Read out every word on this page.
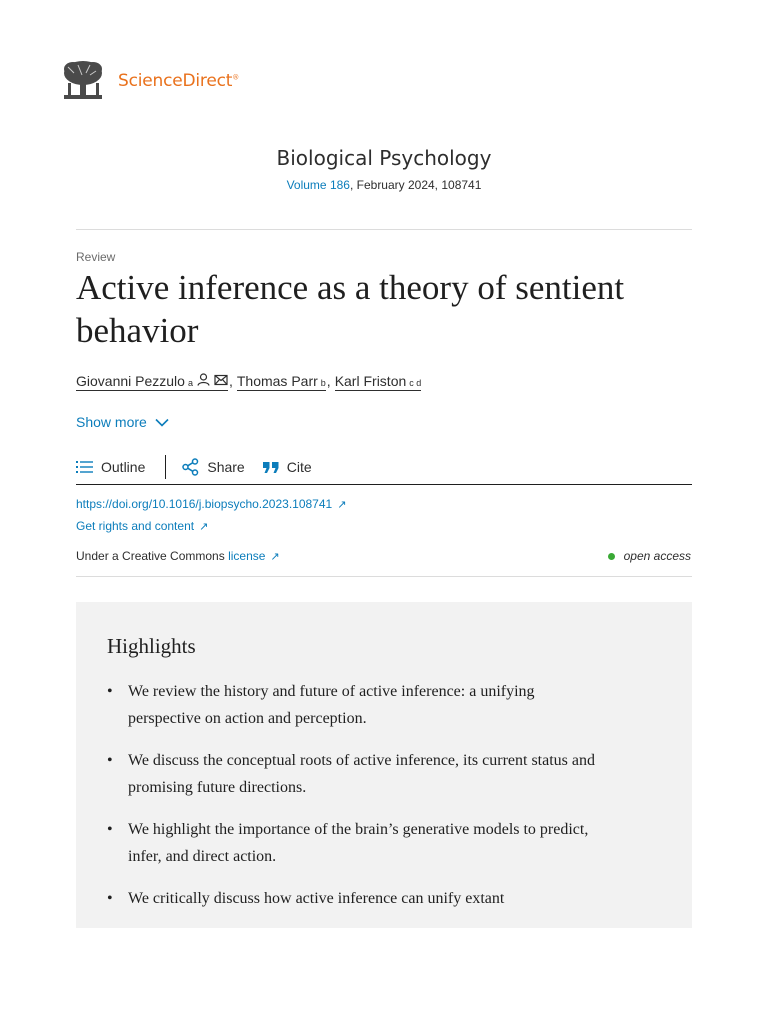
ScienceDirect®
Biological Psychology
Volume 186, February 2024, 108741
Review
Active inference as a theory of sentient behavior
Giovanni Pezzulo a	, Thomas Parr b , Karl Friston c d
Show more
Outline	Share	Cite
https://doi.org/10.1016/j.biopsycho.2023.108741 ↗
Get rights and content ↗
Under a Creative Commons license ↗	open access
Highlights
• We review the history and future of active inference: a unifying perspective on action and perception.
• We discuss the conceptual roots of active inference, its current status and promising future directions.
• We highlight the importance of the brain’s generative models to predict, infer, and direct action.
• We critically discuss how active inference can unify extant
